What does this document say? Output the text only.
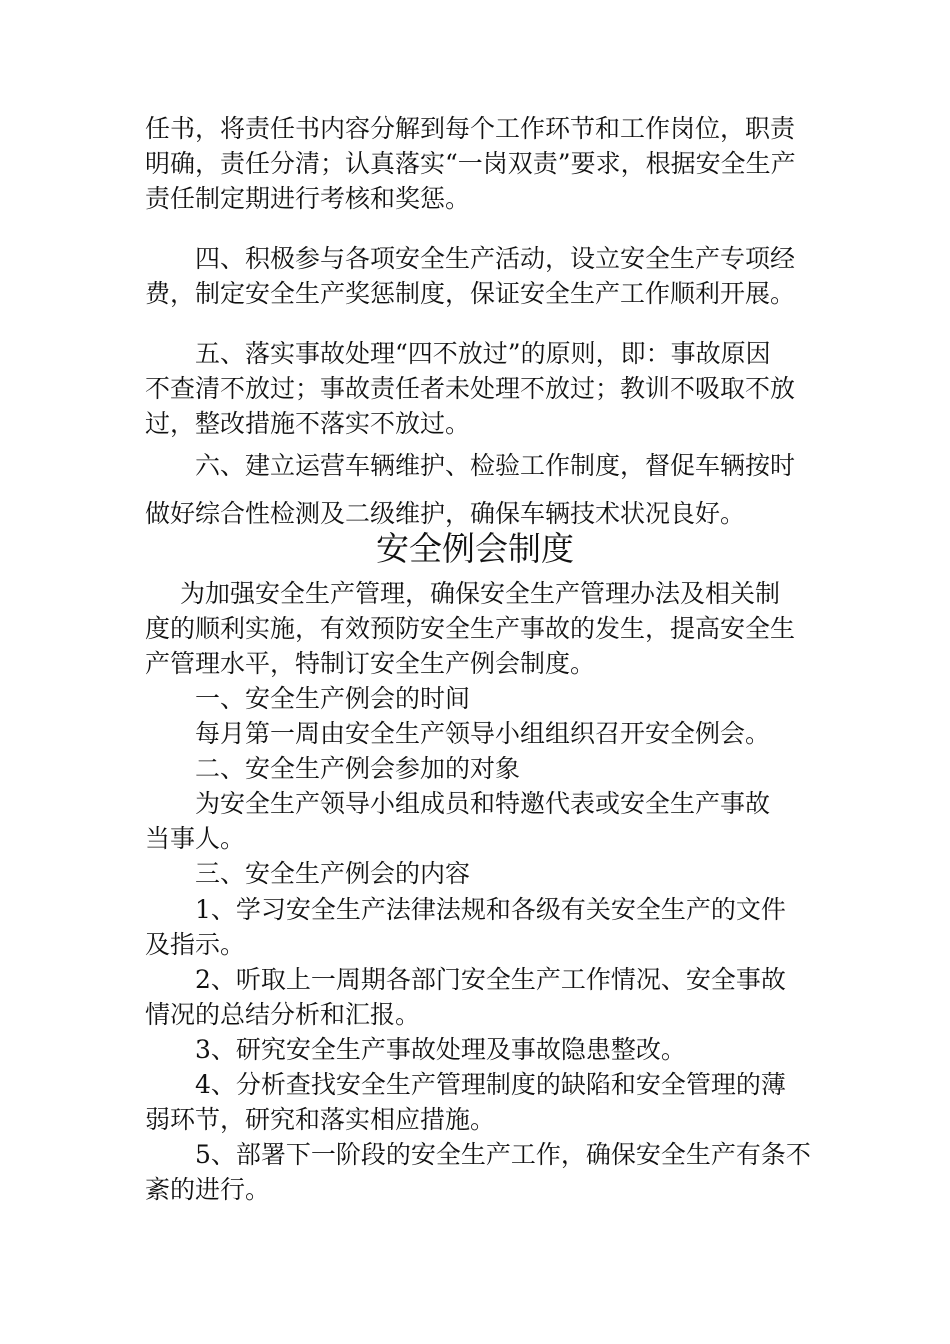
任书，将责任书内容分解到每个工作环节和工作岗位，职责
明确，责任分清；认真落实“一岗双责”要求，根据安全生产
责任制定期进行考核和奖惩。
四、积极参与各项安全生产活动，设立安全生产专项经
费，制定安全生产奖惩制度，保证安全生产工作顺利开展。
五、落实事故处理“四不放过”的原则，即：事故原因
不查清不放过；事故责任者未处理不放过；教训不吸取不放
过，整改措施不落实不放过。
六、建立运营车辆维护、检验工作制度，督促车辆按时
做好综合性检测及二级维护，确保车辆技术状况良好。
安全例会制度
为加强安全生产管理，确保安全生产管理办法及相关制
度的顺利实施，有效预防安全生产事故的发生，提高安全生
产管理水平，特制订安全生产例会制度。
一、安全生产例会的时间
每月第一周由安全生产领导小组组织召开安全例会。
二、安全生产例会参加的对象
为安全生产领导小组成员和特邀代表或安全生产事故
当事人。
三、安全生产例会的内容
1、学习安全生产法律法规和各级有关安全生产的文件
及指示。
2、听取上一周期各部门安全生产工作情况、安全事故
情况的总结分析和汇报。
3、研究安全生产事故处理及事故隐患整改。
4、分析查找安全生产管理制度的缺陷和安全管理的薄
弱环节，研究和落实相应措施。
5、部署下一阶段的安全生产工作，确保安全生产有条不
紊的进行。
